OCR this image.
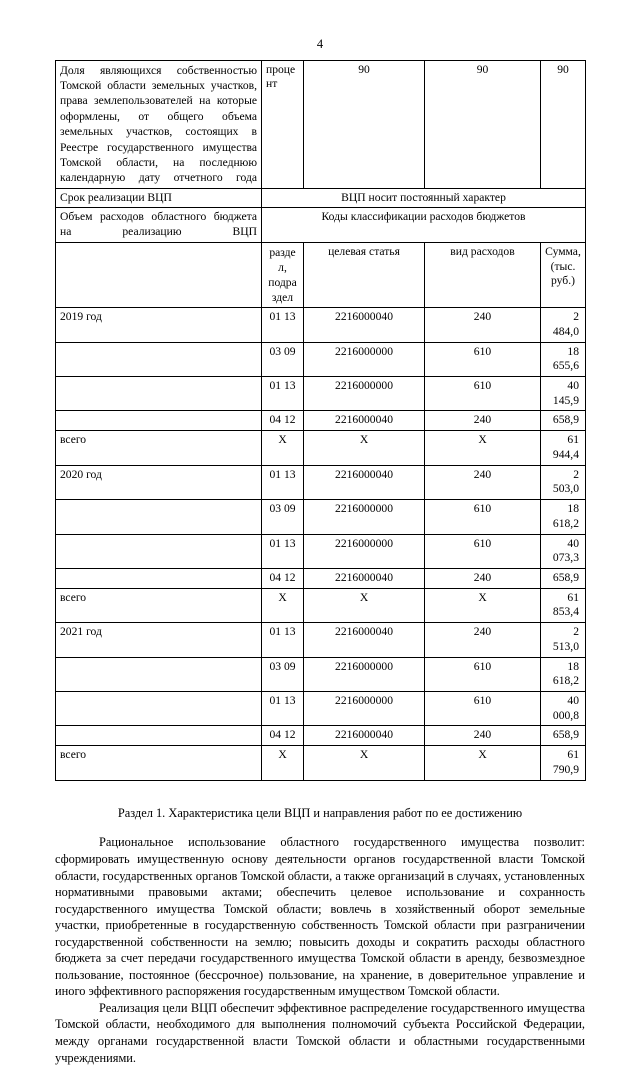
4
Доля являющихся собственностью Томской области земельных участков, права землепользователей на которые оформлены, от общего объема земельных участков, состоящих в Реестре государственного имущества Томской области, на последнюю календарную дату отчетного года	проце нт	90	90	90
Срок реализации ВЦП	ВЦП носит постоянный характер			
Объем расходов областного бюджета на реализацию ВЦП	Коды классификации расходов бюджетов			
	разде л, подра здел	целевая статья	вид расходов	Сумма, (тыс. руб.)
2019 год	01 13	2216000040	240	2 484,0
	03 09	2216000000	610	18 655,6
	01 13	2216000000	610	40 145,9
	04 12	2216000040	240	658,9
всего	X	X	X	61 944,4
2020 год	01 13	2216000040	240	2 503,0
	03 09	2216000000	610	18 618,2
	01 13	2216000000	610	40 073,3
	04 12	2216000040	240	658,9
всего	X	X	X	61 853,4
2021 год	01 13	2216000040	240	2 513,0
	03 09	2216000000	610	18 618,2
	01 13	2216000000	610	40 000,8
	04 12	2216000040	240	658,9
всего	X	X	X	61 790,9
Раздел 1. Характеристика цели ВЦП и направления работ по ее достижению

Рациональное использование областного государственного имущества позволит: сформировать имущественную основу деятельности органов государственной власти Томской области, государственных органов Томской области, а также организаций в случаях, установленных нормативными правовыми актами; обеспечить целевое использование и сохранность государственного имущества Томской области; вовлечь в хозяйственный оборот земельные участки, приобретенные в государственную собственность Томской области при разграничении государственной собственности на землю; повысить доходы и сократить расходы областного бюджета за счет передачи государственного имущества Томской области в аренду, безвозмездное пользование, постоянное (бессрочное) пользование, на хранение, в доверительное управление и иного эффективного распоряжения государственным имуществом Томской области.

Реализация цели ВЦП обеспечит эффективное распределение государственного имущества Томской области, необходимого для выполнения полномочий субъекта Российской Федерации, между органами государственной власти Томской области и областными государственными учреждениями.
